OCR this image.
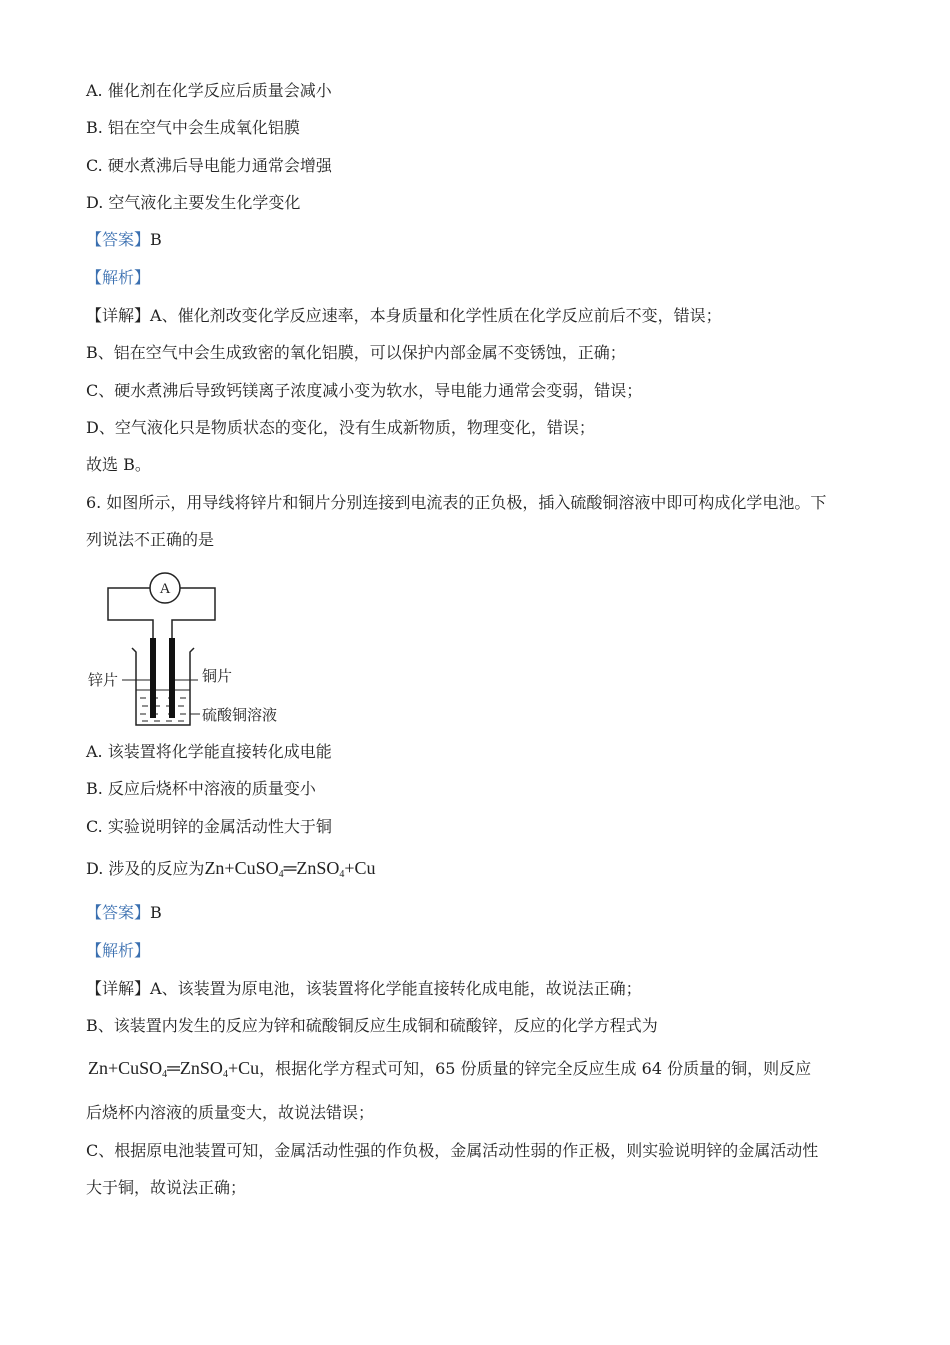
A. 催化剂在化学反应后质量会减小
B. 铝在空气中会生成氧化铝膜
C. 硬水煮沸后导电能力通常会增强
D. 空气液化主要发生化学变化
【答案】B
【解析】
【详解】A、催化剂改变化学反应速率，本身质量和化学性质在化学反应前后不变，错误；
B、铝在空气中会生成致密的氧化铝膜，可以保护内部金属不变锈蚀，正确；
C、硬水煮沸后导致钙镁离子浓度减小变为软水，导电能力通常会变弱，错误；
D、空气液化只是物质状态的变化，没有生成新物质，物理变化，错误；
故选 B。
6. 如图所示，用导线将锌片和铜片分别连接到电流表的正负极，插入硫酸铜溶液中即可构成化学电池。下
列说法不正确的是
A
锌片	铜片
硫酸铜溶液
A. 该装置将化学能直接转化成电能
B. 反应后烧杯中溶液的质量变小
C. 实验说明锌的金属活动性大于铜
D. 涉及的反应为Zn+CuSO$_4$═ZnSO$_4$+Cu
【答案】B
【解析】
【详解】A、该装置为原电池，该装置将化学能直接转化成电能，故说法正确；
B、该装置内发生的反应为锌和硫酸铜反应生成铜和硫酸锌，反应的化学方程式为
Zn+CuSO$_4$═ZnSO$_4$+Cu，根据化学方程式可知，65 份质量的锌完全反应生成 64 份质量的铜，则反应
后烧杯内溶液的质量变大，故说法错误；
C、根据原电池装置可知，金属活动性强的作负极，金属活动性弱的作正极，则实验说明锌的金属活动性
大于铜，故说法正确；
